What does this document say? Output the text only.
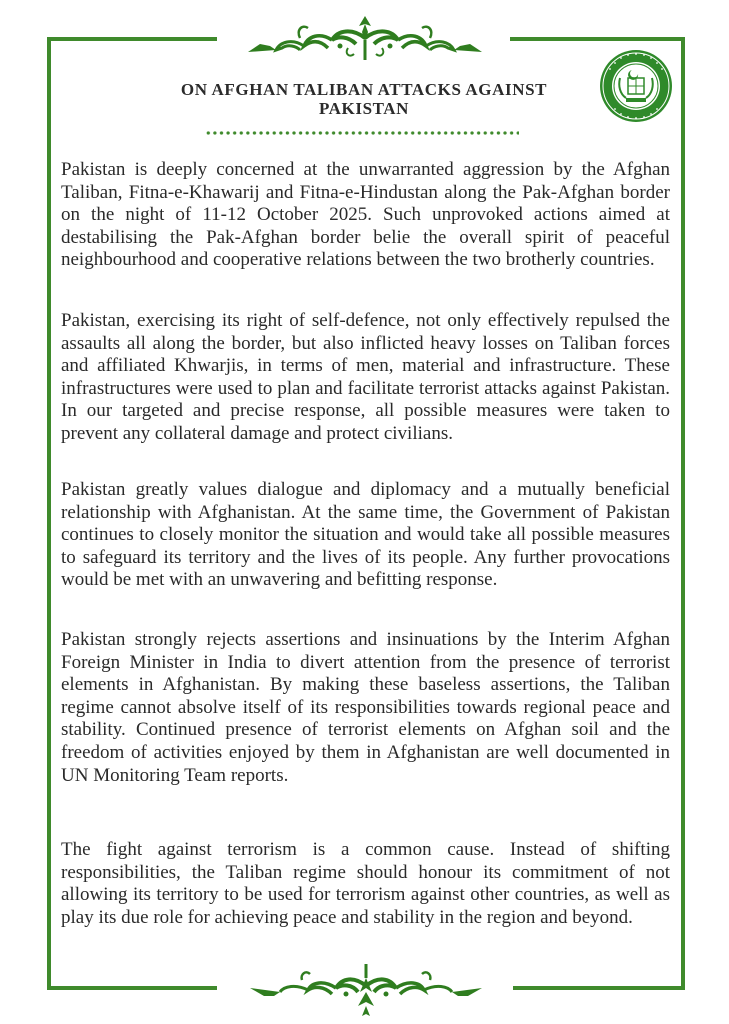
ON AFGHAN TALIBAN ATTACKS AGAINST
PAKISTAN

Pakistan is deeply concerned at the unwarranted aggression by the Afghan Taliban, Fitna-e-Khawarij and Fitna-e-Hindustan along the Pak-Afghan border on the night of 11-12 October 2025. Such unprovoked actions aimed at destabilising the Pak-Afghan border belie the overall spirit of peaceful neighbourhood and cooperative relations between the two brotherly countries.

Pakistan, exercising its right of self-defence, not only effectively repulsed the assaults all along the border, but also inflicted heavy losses on Taliban forces and affiliated Khwarjis, in terms of men, material and infrastructure. These infrastructures were used to plan and facilitate terrorist attacks against Pakistan. In our targeted and precise response, all possible measures were taken to prevent any collateral damage and protect civilians.

Pakistan greatly values dialogue and diplomacy and a mutually beneficial relationship with Afghanistan. At the same time, the Government of Pakistan continues to closely monitor the situation and would take all possible measures to safeguard its territory and the lives of its people. Any further provocations would be met with an unwavering and befitting response.

Pakistan strongly rejects assertions and insinuations by the Interim Afghan Foreign Minister in India to divert attention from the presence of terrorist elements in Afghanistan. By making these baseless assertions, the Taliban regime cannot absolve itself of its responsibilities towards regional peace and stability. Continued presence of terrorist elements on Afghan soil and the freedom of activities enjoyed by them in Afghanistan are well documented in UN Monitoring Team reports.

The fight against terrorism is a common cause. Instead of shifting responsibilities, the Taliban regime should honour its commitment of not allowing its territory to be used for terrorism against other countries, as well as play its due role for achieving peace and stability in the region and beyond.
